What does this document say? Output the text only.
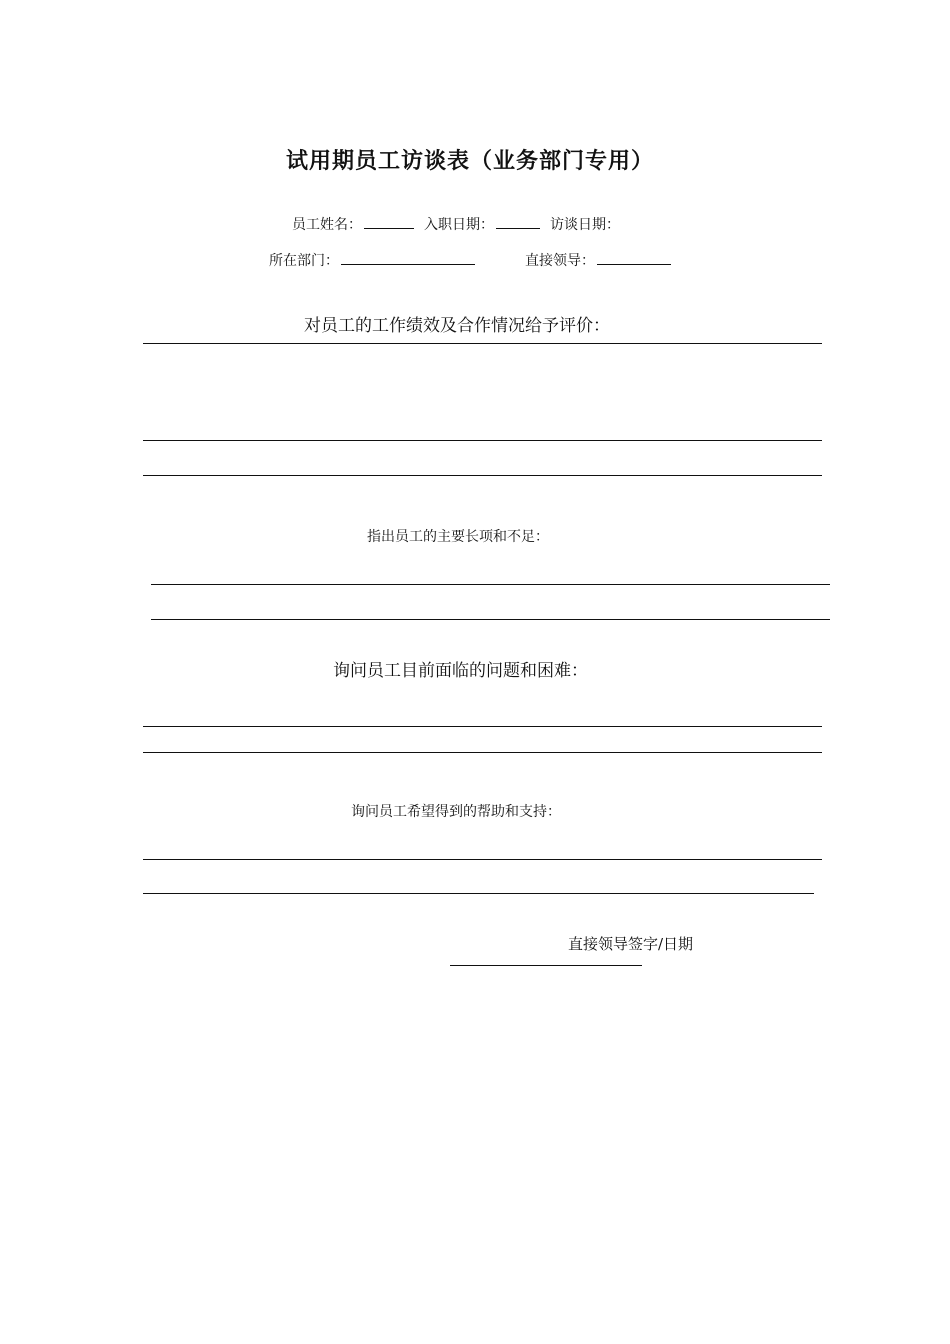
试用期员工访谈表（业务部门专用）
员工姓名：	入职日期：	访谈日期：
所在部门：	直接领导：
对员工的工作绩效及合作情况给予评价：
指出员工的主要长项和不足：
询问员工目前面临的问题和困难：
询问员工希望得到的帮助和支持：
直接领导签字/日期
